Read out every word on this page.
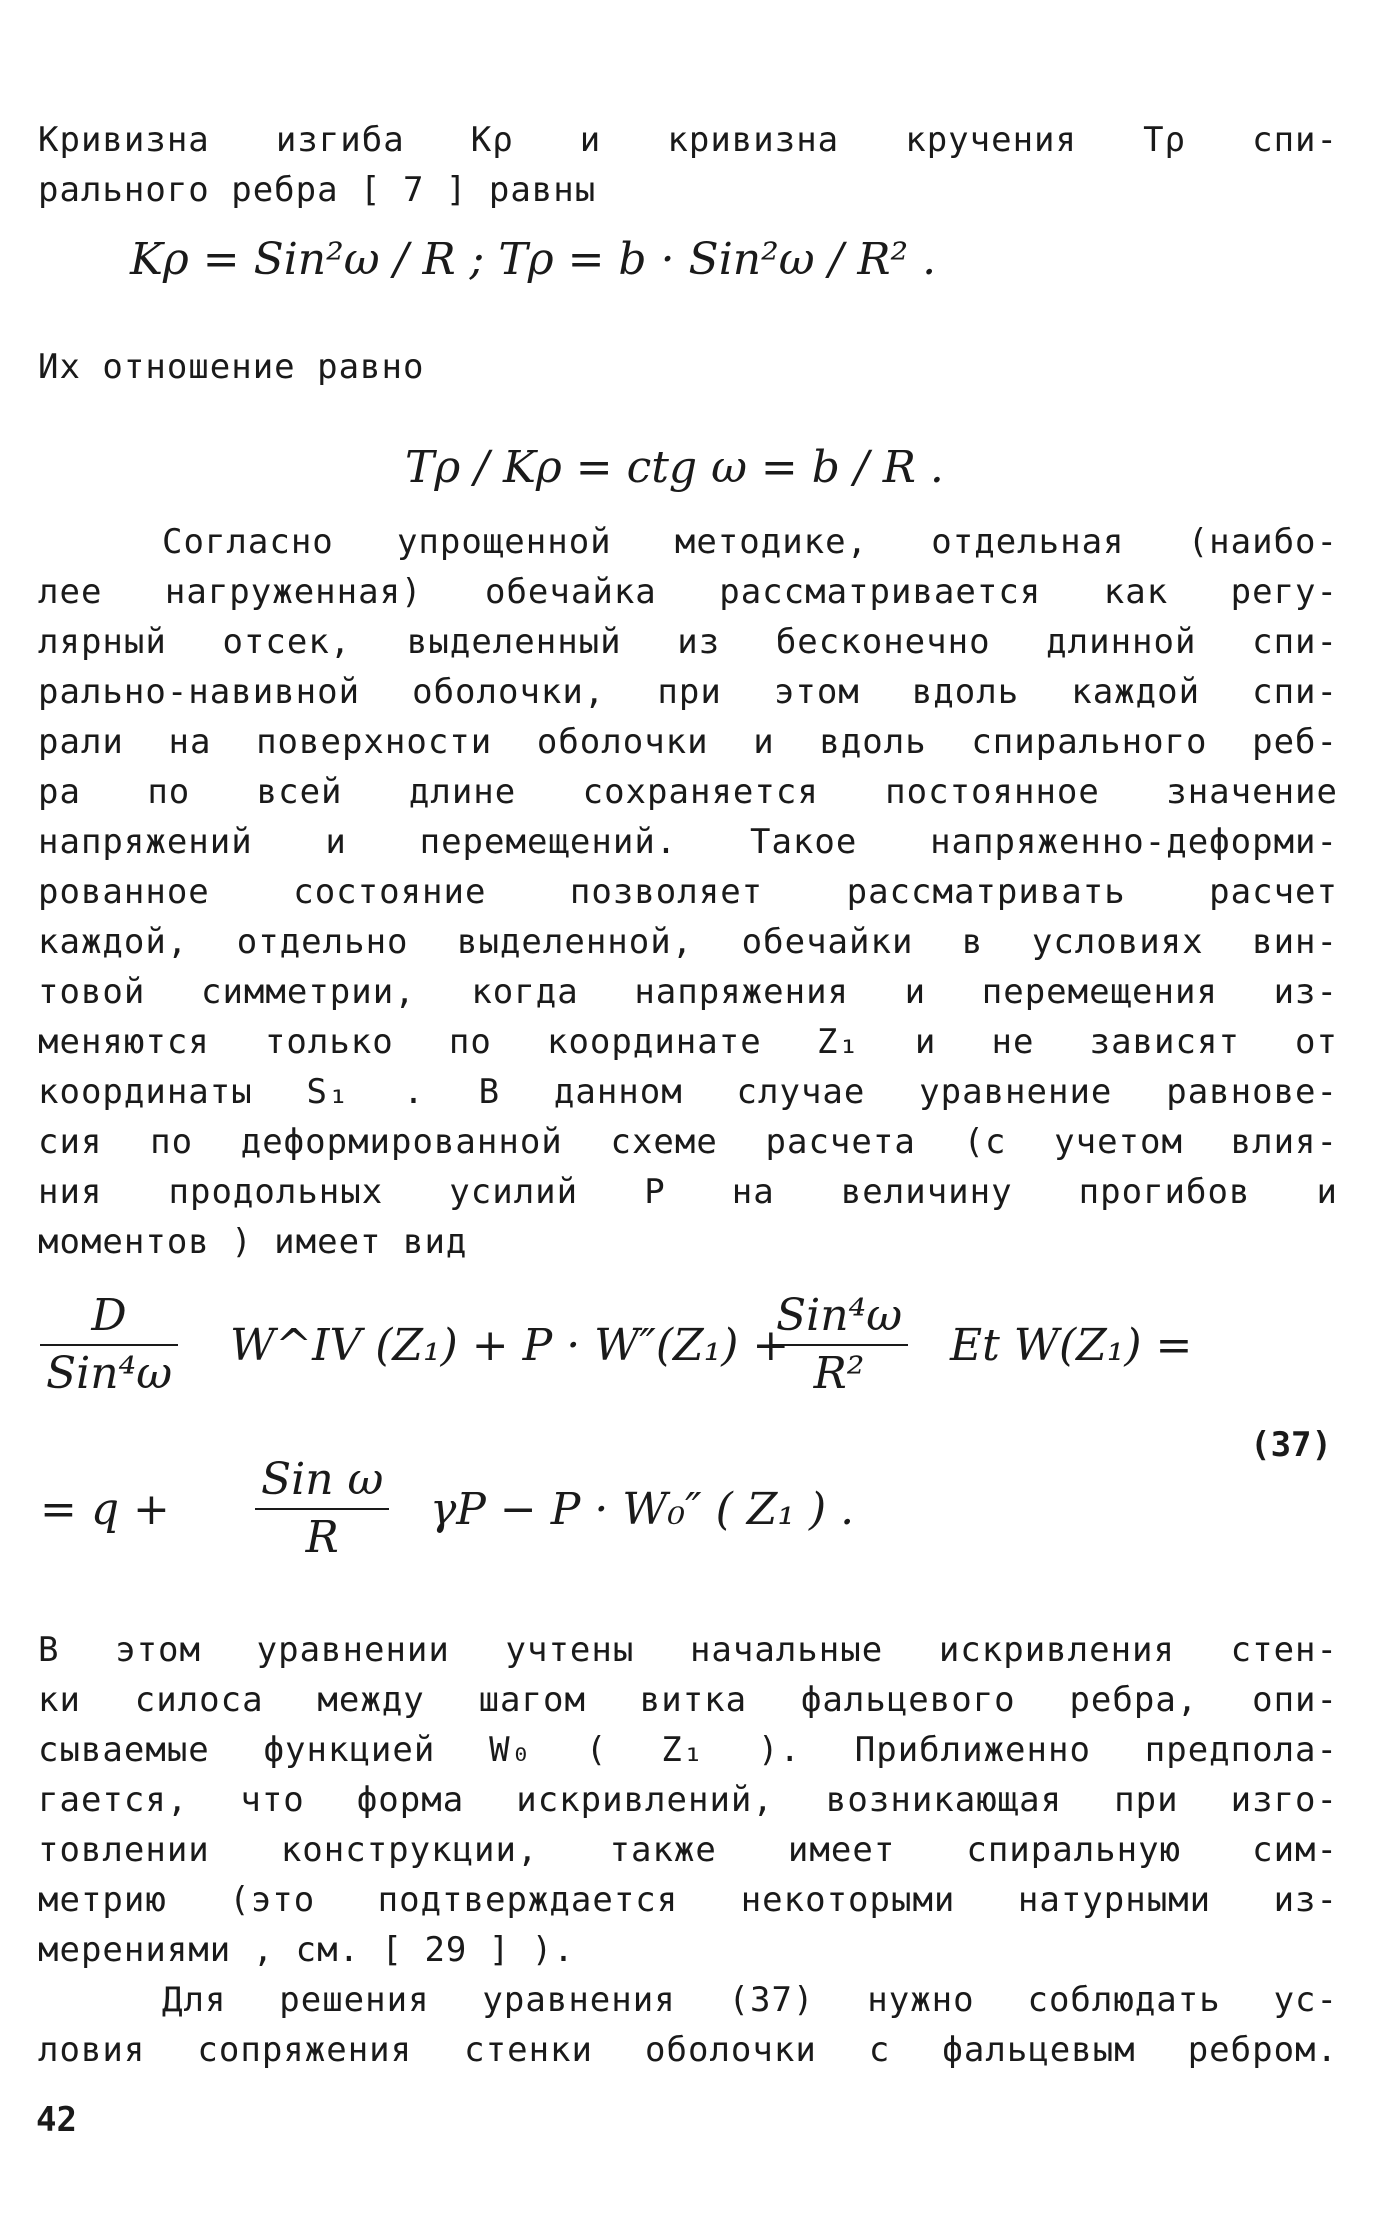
Кривизна изгиба Kρ и кривизна кручения Tρ спи-
рального ребра [ 7 ] равны
Kρ = Sin²ω / R ; Tρ = b · Sin²ω / R² .
Их отношение равно
Tρ / Kρ = ctg ω = b / R .
Согласно упрощенной методике, отдельная (наибо-
лее нагруженная) обечайка рассматривается как регу-
лярный отсек, выделенный из бесконечно длинной спи-
рально-навивной оболочки, при этом вдоль каждой спи-
рали на поверхности оболочки и вдоль спирального реб-
ра по всей длине сохраняется постоянное значение
напряжений и перемещений. Такое напряженно-деформи-
рованное состояние позволяет рассматривать расчет
каждой, отдельно выделенной, обечайки в условиях вин-
товой симметрии, когда напряжения и перемещения из-
меняются только по координате Z₁ и не зависят от
координаты S₁ . В данном случае уравнение равнове-
сия по деформированной схеме расчета (с учетом влия-
ния продольных усилий P на величину прогибов и
моментов ) имеет вид
D
Sin⁴ω
W^IV (Z₁) + P · W″(Z₁) +
Sin⁴ω
R²
Et W(Z₁) =
= q +
Sin ω
R
γP − P · W₀″ ( Z₁ ) .
(37)
В этом уравнении учтены начальные искривления стен-
ки силоса между шагом витка фальцевого ребра, опи-
сываемые функцией W₀ ( Z₁ ). Приближенно предпола-
гается, что форма искривлений, возникающая при изго-
товлении конструкции, также имеет спиральную сим-
метрию (это подтверждается некоторыми натурными из-
мерениями , см. [ 29 ] ).
Для решения уравнения (37) нужно соблюдать ус-
ловия сопряжения стенки оболочки с фальцевым ребром.
42
